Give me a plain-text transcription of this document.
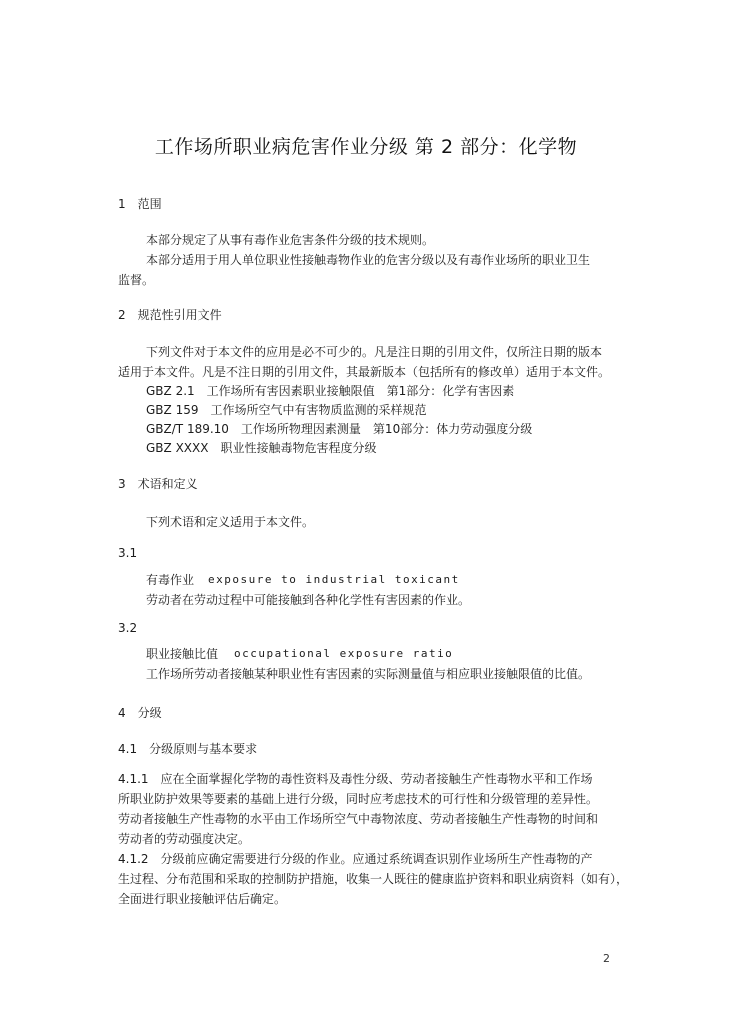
工作场所职业病危害作业分级 第 2 部分：化学物
1　范围
本部分规定了从事有毒作业危害条件分级的技术规则。
本部分适用于用人单位职业性接触毒物作业的危害分级以及有毒作业场所的职业卫生
监督。
2　规范性引用文件
下列文件对于本文件的应用是必不可少的。凡是注日期的引用文件，仅所注日期的版本
适用于本文件。凡是不注日期的引用文件，其最新版本（包括所有的修改单）适用于本文件。
GBZ 2.1　工作场所有害因素职业接触限值　第1部分：化学有害因素
GBZ 159　工作场所空气中有害物质监测的采样规范
GBZ/T 189.10　工作场所物理因素测量　第10部分：体力劳动强度分级
GBZ XXXX　职业性接触毒物危害程度分级
3　术语和定义
下列术语和定义适用于本文件。
3.1
有毒作业 exposure to industrial toxicant
劳动者在劳动过程中可能接触到各种化学性有害因素的作业。
3.2
职业接触比值 occupational exposure ratio
工作场所劳动者接触某种职业性有害因素的实际测量值与相应职业接触限值的比值。
4　分级
4.1　分级原则与基本要求
4.1.1　应在全面掌握化学物的毒性资料及毒性分级、劳动者接触生产性毒物水平和工作场
所职业防护效果等要素的基础上进行分级，同时应考虑技术的可行性和分级管理的差异性。
劳动者接触生产性毒物的水平由工作场所空气中毒物浓度、劳动者接触生产性毒物的时间和
劳动者的劳动强度决定。
4.1.2　分级前应确定需要进行分级的作业。应通过系统调查识别作业场所生产性毒物的产
生过程、分布范围和采取的控制防护措施，收集一人既往的健康监护资料和职业病资料（如有），
全面进行职业接触评估后确定。
2
